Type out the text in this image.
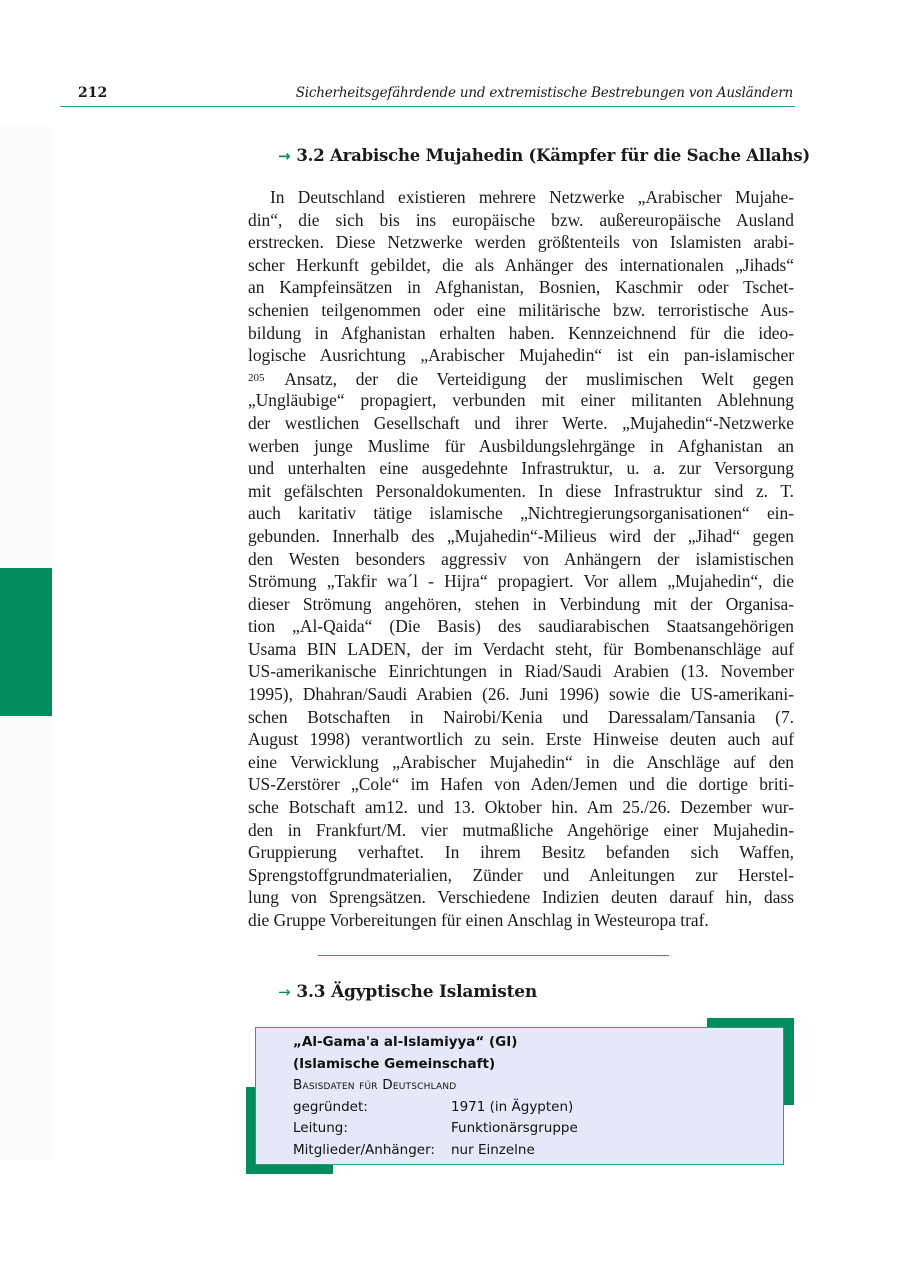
212	Sicherheitsgefährdende und extremistische Bestrebungen von Ausländern
→ 3.2 Arabische Mujahedin (Kämpfer für die Sache Allahs)
In Deutschland existieren mehrere Netzwerke „Arabischer Mujahe-
din“, die sich bis ins europäische bzw. außereuropäische Ausland
erstrecken. Diese Netzwerke werden größtenteils von Islamisten arabi-
scher Herkunft gebildet, die als Anhänger des internationalen „Jihads“
an Kampfeinsätzen in Afghanistan, Bosnien, Kaschmir oder Tschet-
schenien teilgenommen oder eine militärische bzw. terroristische Aus-
bildung in Afghanistan erhalten haben. Kennzeichnend für die ideo-
logische Ausrichtung „Arabischer Mujahedin“ ist ein pan-islamischer
$^{205}$ Ansatz, der die Verteidigung der muslimischen Welt gegen
„Ungläubige“ propagiert, verbunden mit einer militanten Ablehnung
der westlichen Gesellschaft und ihrer Werte. „Mujahedin“-Netzwerke
werben junge Muslime für Ausbildungslehrgänge in Afghanistan an
und unterhalten eine ausgedehnte Infrastruktur, u. a. zur Versorgung
mit gefälschten Personaldokumenten. In diese Infrastruktur sind z. T.
auch karitativ tätige islamische „Nichtregierungsorganisationen“ ein-
gebunden. Innerhalb des „Mujahedin“-Milieus wird der „Jihad“ gegen
den Westen besonders aggressiv von Anhängern der islamistischen
Strömung „Takfir wa´l - Hijra“ propagiert. Vor allem „Mujahedin“, die
dieser Strömung angehören, stehen in Verbindung mit der Organisa-
tion „Al-Qaida“ (Die Basis) des saudiarabischen Staatsangehörigen
Usama BIN LADEN, der im Verdacht steht, für Bombenanschläge auf
US-amerikanische Einrichtungen in Riad/Saudi Arabien (13. November
1995), Dhahran/Saudi Arabien (26. Juni 1996) sowie die US-amerikani-
schen Botschaften in Nairobi/Kenia und Daressalam/Tansania (7.
August 1998) verantwortlich zu sein. Erste Hinweise deuten auch auf
eine Verwicklung „Arabischer Mujahedin“ in die Anschläge auf den
US-Zerstörer „Cole“ im Hafen von Aden/Jemen und die dortige briti-
sche Botschaft am12. und 13. Oktober hin. Am 25./26. Dezember wur-
den in Frankfurt/M. vier mutmaßliche Angehörige einer Mujahedin-
Gruppierung verhaftet. In ihrem Besitz befanden sich Waffen,
Sprengstoffgrundmaterialien, Zünder und Anleitungen zur Herstel-
lung von Sprengsätzen. Verschiedene Indizien deuten darauf hin, dass
die Gruppe Vorbereitungen für einen Anschlag in Westeuropa traf.
→ 3.3 Ägyptische Islamisten
„Al-Gama'a al-Islamiyya“ (GI)
(Islamische Gemeinschaft)
Basisdaten für Deutschland
gegründet:	1971 (in Ägypten)
Leitung:	Funktionärsgruppe
Mitglieder/Anhänger: nur Einzelne
